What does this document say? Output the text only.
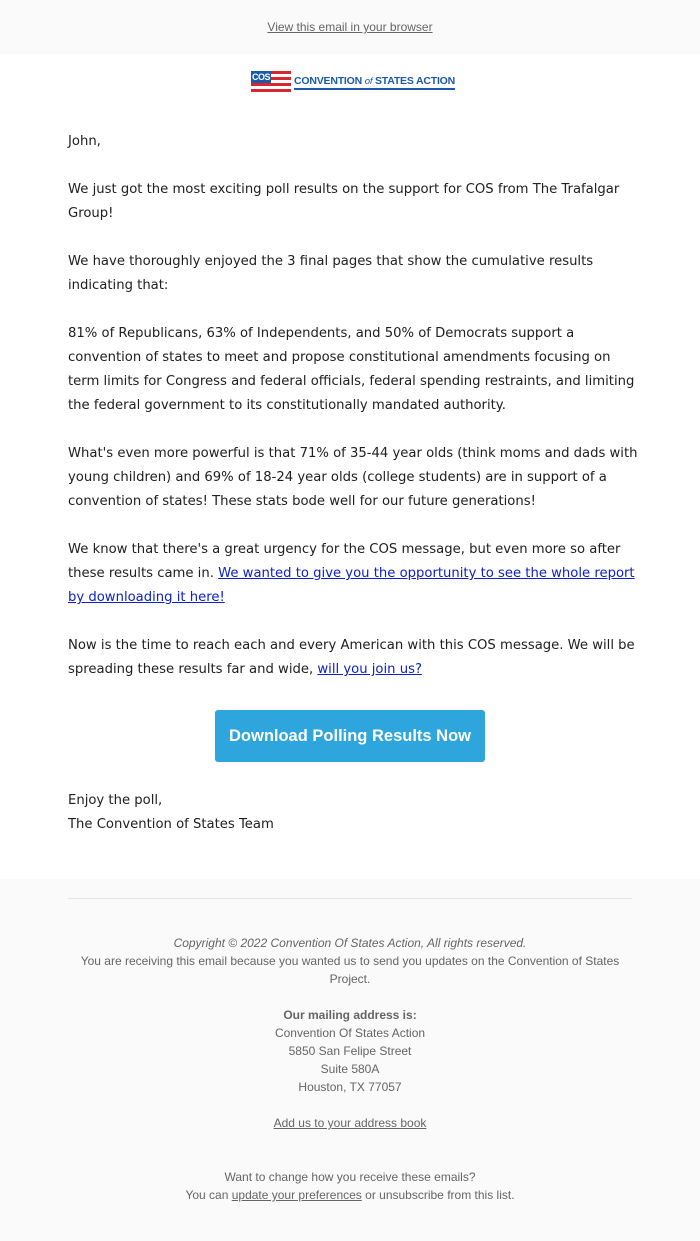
View this email in your browser
COS CONVENTION of STATES ACTION

John,

We just got the most exciting poll results on the support for COS from The Trafalgar Group!

We have thoroughly enjoyed the 3 final pages that show the cumulative results indicating that:

81% of Republicans, 63% of Independents, and 50% of Democrats support a convention of states to meet and propose constitutional amendments focusing on term limits for Congress and federal officials, federal spending restraints, and limiting the federal government to its constitutionally mandated authority.

What's even more powerful is that 71% of 35-44 year olds (think moms and dads with young children) and 69% of 18-24 year olds (college students) are in support of a convention of states! These stats bode well for our future generations!

We know that there's a great urgency for the COS message, but even more so after these results came in. We wanted to give you the opportunity to see the whole report by downloading it here!

Now is the time to reach each and every American with this COS message. We will be spreading these results far and wide, will you join us?

Download Polling Results Now
Enjoy the poll,
The Convention of States Team
Copyright © 2022 Convention Of States Action, All rights reserved.
You are receiving this email because you wanted us to send you updates on the Convention of States Project.
Our mailing address is:
Convention Of States Action
5850 San Felipe Street
Suite 580A
Houston, TX 77057
Add us to your address book
Want to change how you receive these emails?
You can update your preferences or unsubscribe from this list.
